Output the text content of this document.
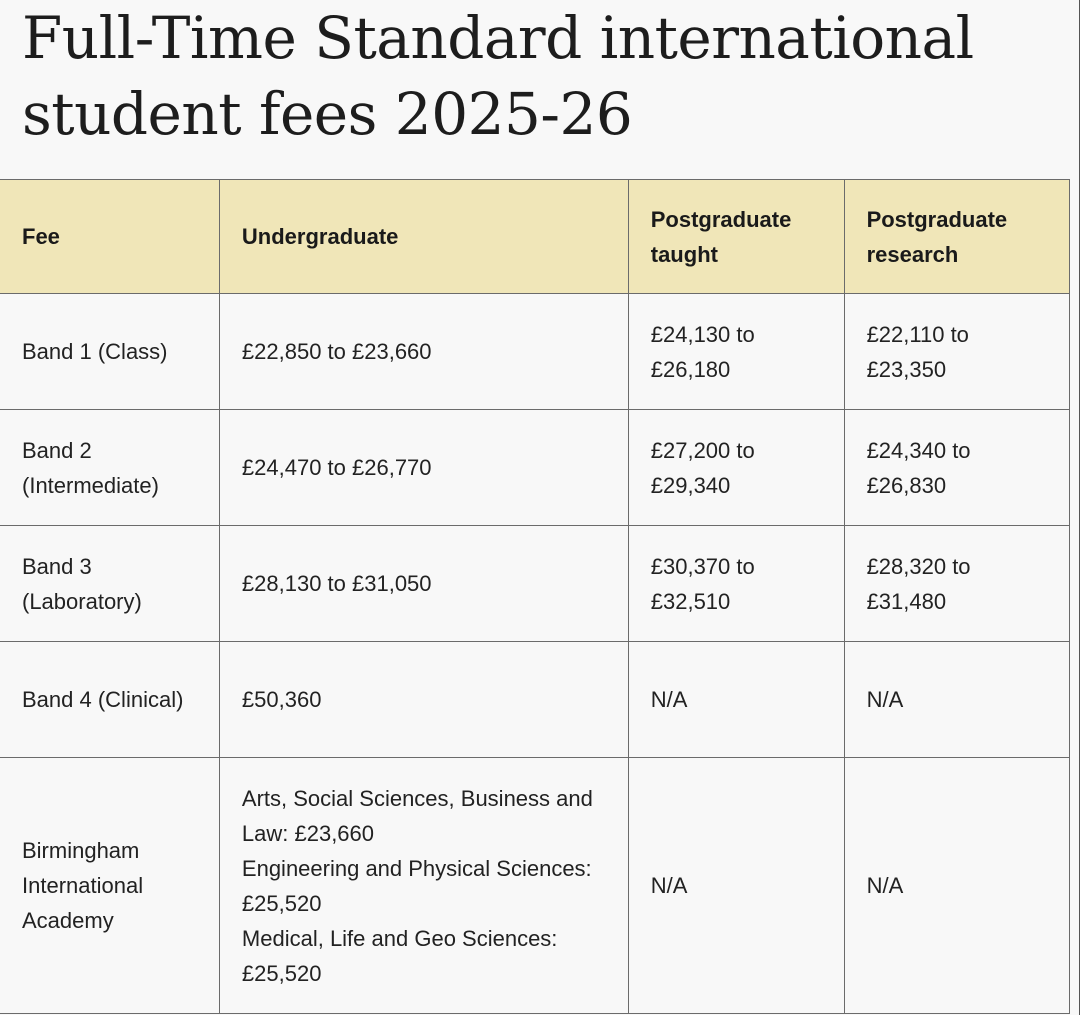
Full-Time Standard international
student fees 2025-26
Fee	Undergraduate	Postgraduate taught	Postgraduate research
Band 1 (Class)	£22,850 to £23,660	£24,130 to £26,180	£22,110 to £23,350
Band 2 (Intermediate)	£24,470 to £26,770	£27,200 to £29,340	£24,340 to £26,830
Band 3 (Laboratory)	£28,130 to £31,050	£30,370 to £32,510	£28,320 to £31,480
Band 4 (Clinical)	£50,360	N/A	N/A
Birmingham International Academy	Arts, Social Sciences, Business and Law: £23,660
Engineering and Physical Sciences: £25,520
Medical, Life and Geo Sciences: £25,520	N/A	N/A
